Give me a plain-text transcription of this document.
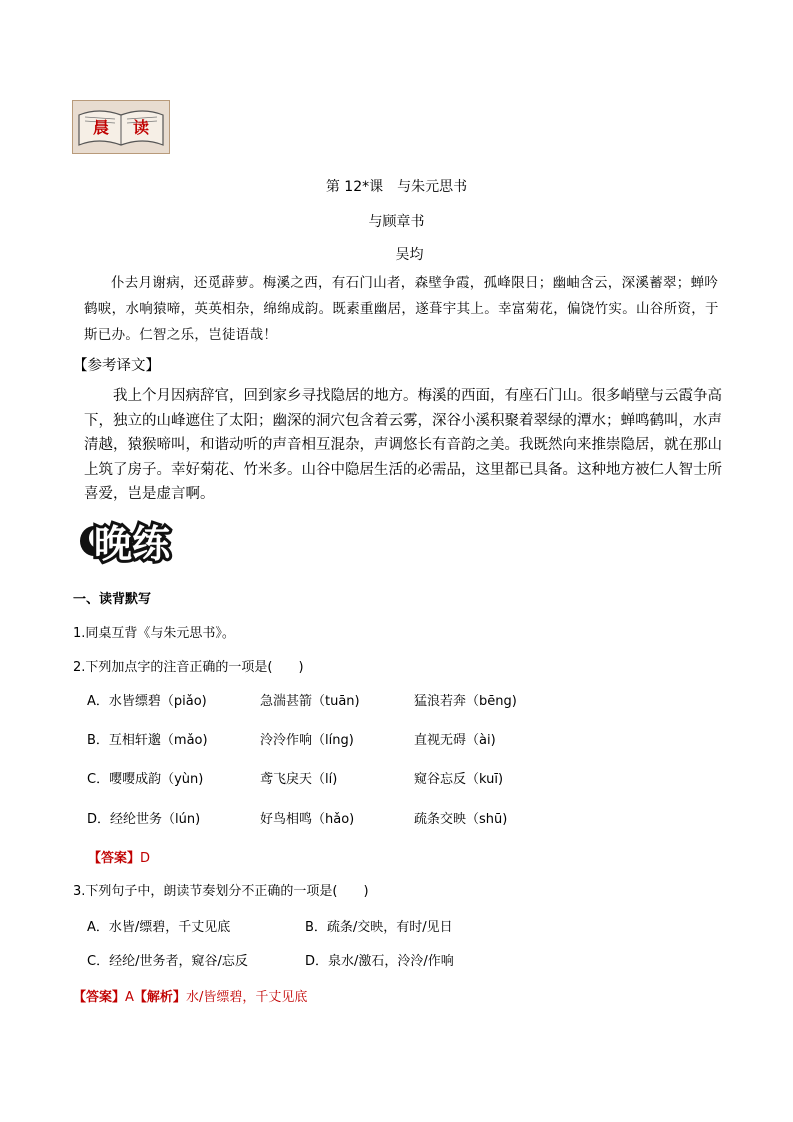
晨 读
第 12*课　与朱元思书
与顾章书
吴均
仆去月谢病，还觅薜萝。梅溪之西，有石门山者，森壁争霞，孤峰限日；幽岫含云，深溪蓄翠；蝉吟鹤唳，水响猿啼，英英相杂，绵绵成韵。既素重幽居，遂葺宇其上。幸富菊花，偏饶竹实。山谷所资，于斯已办。仁智之乐，岂徒语哉！
【参考译文】
我上个月因病辞官，回到家乡寻找隐居的地方。梅溪的西面，有座石门山。很多峭壁与云霞争高下，独立的山峰遮住了太阳；幽深的洞穴包含着云雾，深谷小溪积聚着翠绿的潭水；蝉鸣鹤叫，水声清越，猿猴啼叫，和谐动听的声音相互混杂，声调悠长有音韵之美。我既然向来推崇隐居，就在那山上筑了房子。幸好菊花、竹米多。山谷中隐居生活的必需品，这里都已具备。这种地方被仁人智士所喜爱，岂是虚言啊。
晚练
一、读背默写
1.同桌互背《与朱元思书》。
2.下列加点字的注音正确的一项是(　　)
A．水皆缥碧（piǎo)	急湍甚箭（tuān)	猛浪若奔（bēng)
B．互相轩邈（mǎo)	泠泠作响（líng)	直视无碍（ài)
C．嘤嘤成韵（yùn)	鸢飞戾天（lí)	窥谷忘反（kuī)
D．经纶世务（lún)	好鸟相鸣（hǎo)	疏条交映（shū)
【答案】D
3.下列句子中，朗读节奏划分不正确的一项是(　　)
A．水皆/缥碧，千丈见底	B．疏条/交映，有时/见日
C．经纶/世务者，窥谷/忘反	D．泉水/激石，泠泠/作响
【答案】A【解析】水/皆缥碧，千丈见底
